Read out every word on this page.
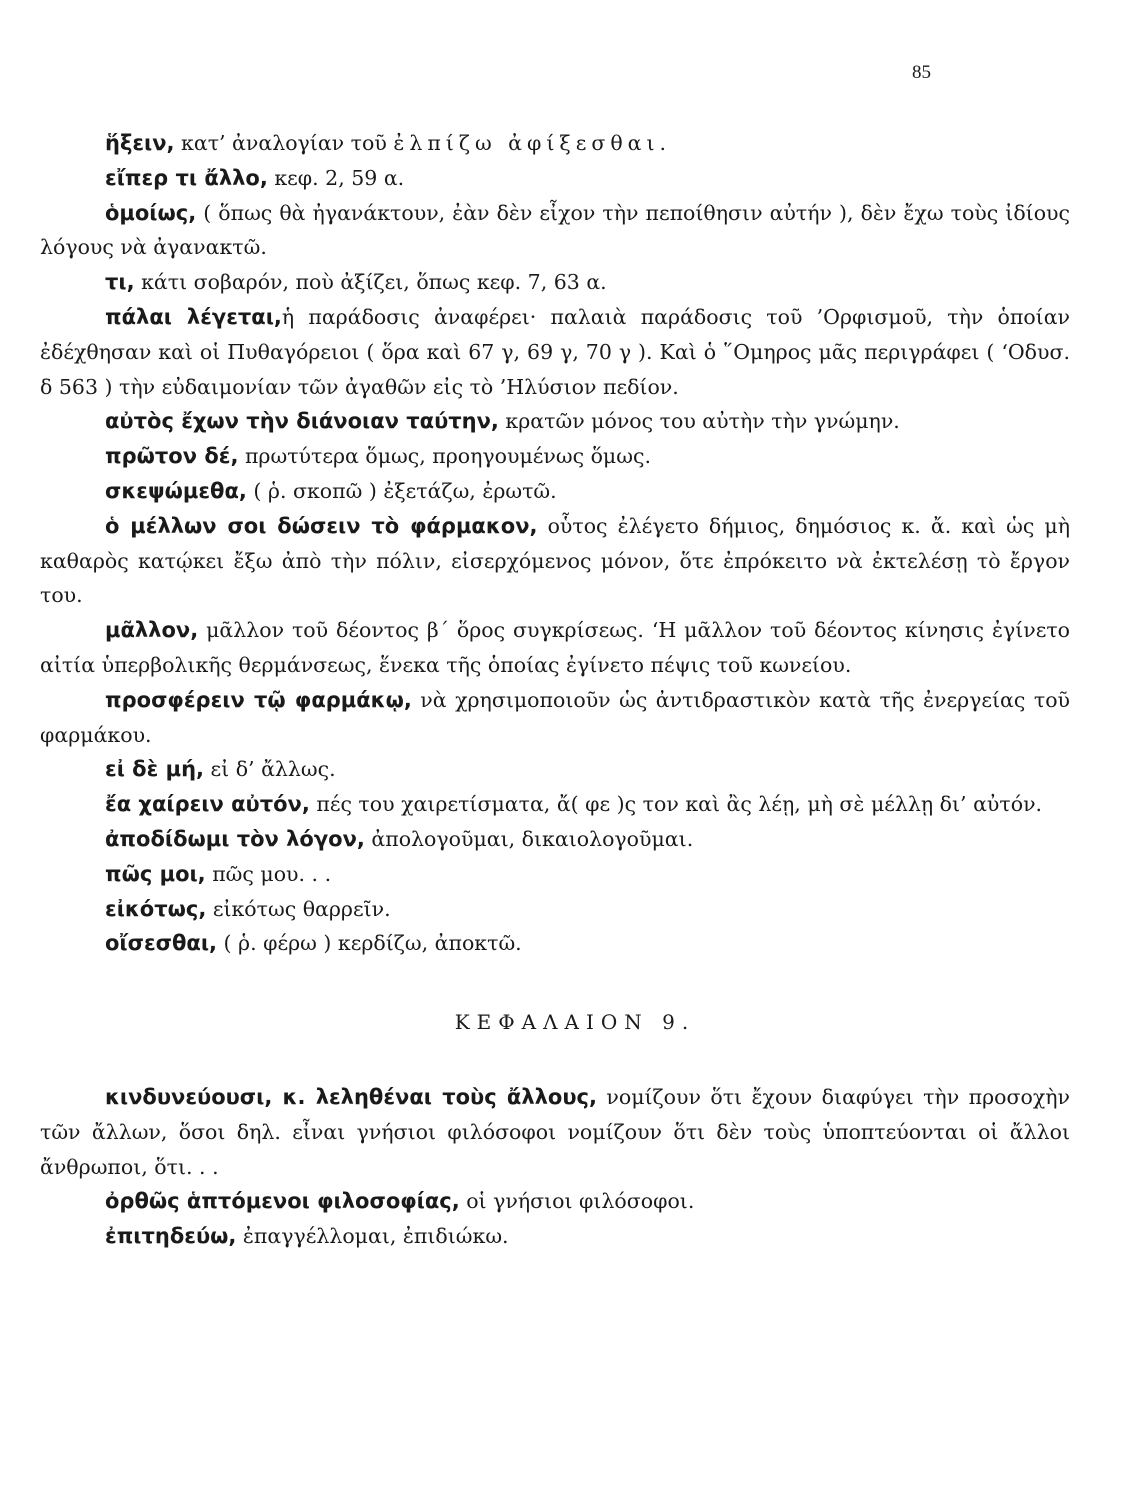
85

ἥξειν, κατ’ ἀναλογίαν τοῦ ἐλπίζω ἀφίξεσθαι.

εἴπερ τι ἄλλο, κεφ. 2, 59 α.

ὁμοίως, ( ὅπως θὰ ἠγανάκτουν, ἐὰν δὲν εἶχον τὴν πεποίθησιν αὐτήν ), δὲν ἔχω τοὺς ἰδίους λόγους νὰ ἀγανακτῶ.

τι, κάτι σοβαρόν, ποὺ ἀξίζει, ὅπως κεφ. 7, 63 α.

πάλαι λέγεται,ἡ παράδοσις ἀναφέρει· παλαιὰ παράδοσις τοῦ ’Ορφισμοῦ, τὴν ὁποίαν ἐδέχθησαν καὶ οἱ Πυθαγόρειοι ( ὅρα καὶ 67 γ, 69 γ, 70 γ ). Καὶ ὁ ῞Ομηρος μᾶς περιγράφει ( ‘Οδυσ. δ 563 ) τὴν εὐδαιμονίαν τῶν ἀγαθῶν εἰς τὸ ’Ηλύσιον πεδίον.

αὐτὸς ἔχων τὴν διάνοιαν ταύτην, κρατῶν μόνος του αὐτὴν τὴν γνώμην.

πρῶτον δέ, πρωτύτερα ὅμως, προηγουμένως ὅμως.

σκεψώμεθα, ( ῥ. σκοπῶ ) ἐξετάζω, ἐρωτῶ.

ὁ μέλλων σοι δώσειν τὸ φάρμακον, οὗτος ἐλέγετο δήμιος, δημόσιος κ. ἄ. καὶ ὡς μὴ καθαρὸς κατῴκει ἔξω ἀπὸ τὴν πόλιν, εἰσερχόμενος μόνον, ὅτε ἐπρόκειτο νὰ ἐκτελέσῃ τὸ ἔργον του.

μᾶλλον, μᾶλλον τοῦ δέοντος β΄ ὅρος συγκρίσεως. ‘Η μᾶλλον τοῦ δέοντος κίνησις ἐγίνετο αἰτία ὑπερβολικῆς θερμάνσεως, ἕνεκα τῆς ὁποίας ἐγίνετο πέψις τοῦ κωνείου.

προσφέρειν τῷ φαρμάκῳ, νὰ χρησιμοποιοῦν ὡς ἀντιδραστικὸν κατὰ τῆς ἐνεργείας τοῦ φαρμάκου.

εἰ δὲ μή, εἰ δ’ ἄλλως.

ἔα χαίρειν αὐτόν, πές του χαιρετίσματα, ἄ( φε )ς τον καὶ ἂς λέῃ, μὴ σὲ μέλλῃ δι’ αὐτόν.

ἀποδίδωμι τὸν λόγον, ἀπολογοῦμαι, δικαιολογοῦμαι.

πῶς μοι, πῶς μου. . .

εἰκότως, εἰκότως θαρρεῖν.

οἴσεσθαι, ( ῥ. φέρω ) κερδίζω, ἀποκτῶ.

ΚΕΦΑΛΑΙΟΝ 9.

κινδυνεύουσι, κ. λεληθέναι τοὺς ἄλλους, νομίζουν ὅτι ἔχουν διαφύγει τὴν προσοχὴν τῶν ἄλλων, ὅσοι δηλ. εἶναι γνήσιοι φιλόσοφοι νομίζουν ὅτι δὲν τοὺς ὑποπτεύονται οἱ ἄλλοι ἄνθρωποι, ὅτι. . .

ὀρθῶς ἁπτόμενοι φιλοσοφίας, οἱ γνήσιοι φιλόσοφοι.

ἐπιτηδεύω, ἐπαγγέλλομαι, ἐπιδιώκω.
